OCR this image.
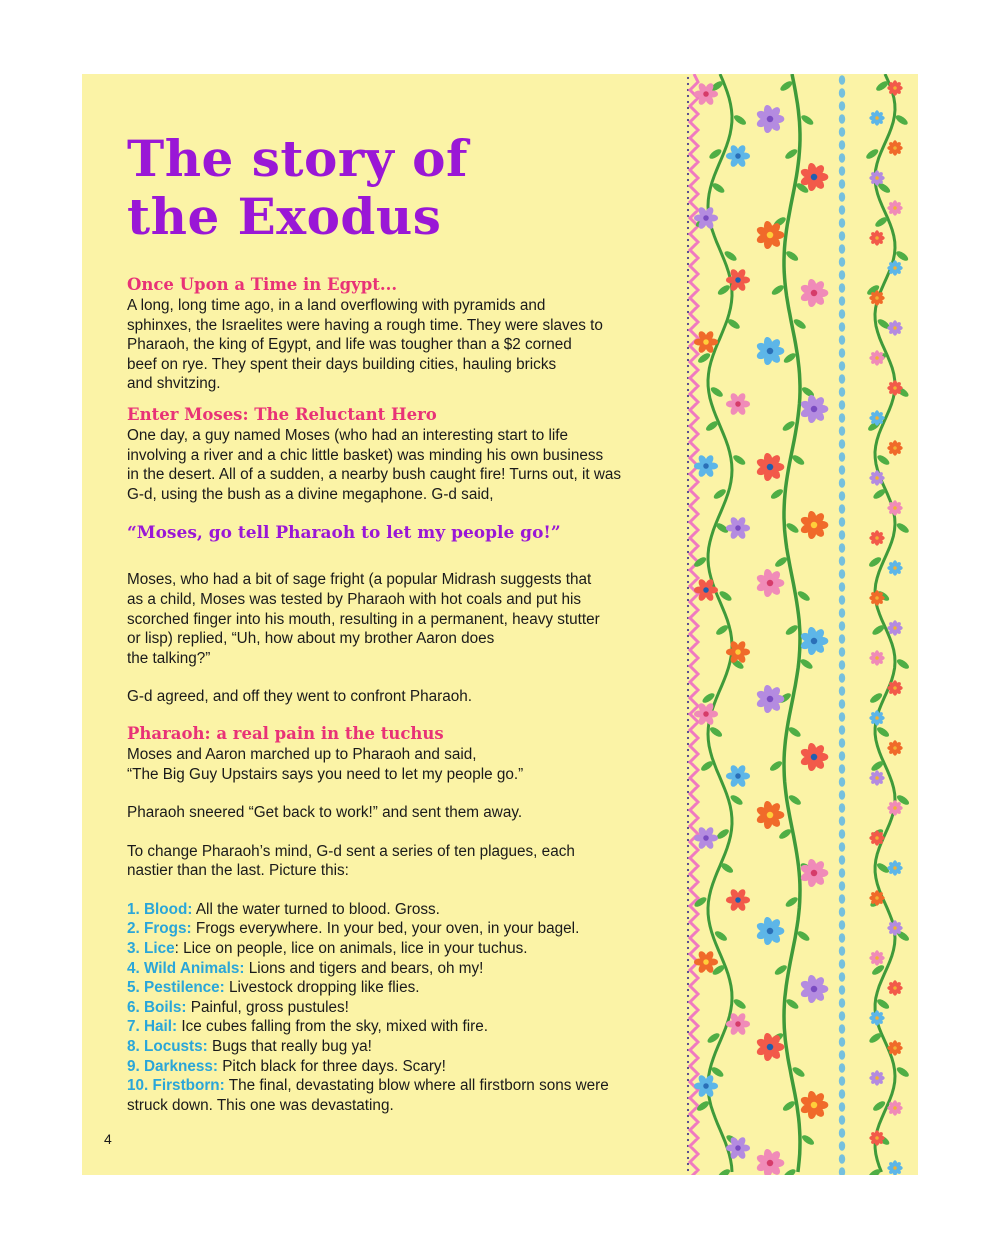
The story of
the Exodus
Once Upon a Time in Egypt...

A long, long time ago, in a land overflowing with pyramids and
sphinxes, the Israelites were having a rough time. They were slaves to
Pharaoh, the king of Egypt, and life was tougher than a $2 corned
beef on rye. They spent their days building cities, hauling bricks
and shvitzing.

Enter Moses: The Reluctant Hero

One day, a guy named Moses (who had an interesting start to life
involving a river and a chic little basket) was minding his own business
in the desert. All of a sudden, a nearby bush caught fire! Turns out, it was
G-d, using the bush as a divine megaphone. G-d said,

“Moses, go tell Pharaoh to let my people go!”

Moses, who had a bit of sage fright (a popular Midrash suggests that
as a child, Moses was tested by Pharaoh with hot coals and put his
scorched finger into his mouth, resulting in a permanent, heavy stutter
or lisp) replied, “Uh, how about my brother Aaron does
the talking?”

G-d agreed, and off they went to confront Pharaoh.

Pharaoh: a real pain in the tuchus

Moses and Aaron marched up to Pharaoh and said,
“The Big Guy Upstairs says you need to let my people go.”

Pharaoh sneered “Get back to work!” and sent them away.

To change Pharaoh’s mind, G-d sent a series of ten plagues, each
nastier than the last. Picture this:

1. Blood: All the water turned to blood. Gross.
2. Frogs: Frogs everywhere. In your bed, your oven, in your bagel.
3. Lice: Lice on people, lice on animals, lice in your tuchus.
4. Wild Animals: Lions and tigers and bears, oh my!
5. Pestilence: Livestock dropping like flies.
6. Boils: Painful, gross pustules!
7. Hail: Ice cubes falling from the sky, mixed with fire.
8. Locusts: Bugs that really bug ya!
9. Darkness: Pitch black for three days. Scary!
10. Firstborn: The final, devastating blow where all firstborn sons were
struck down. This one was devastating.
4
